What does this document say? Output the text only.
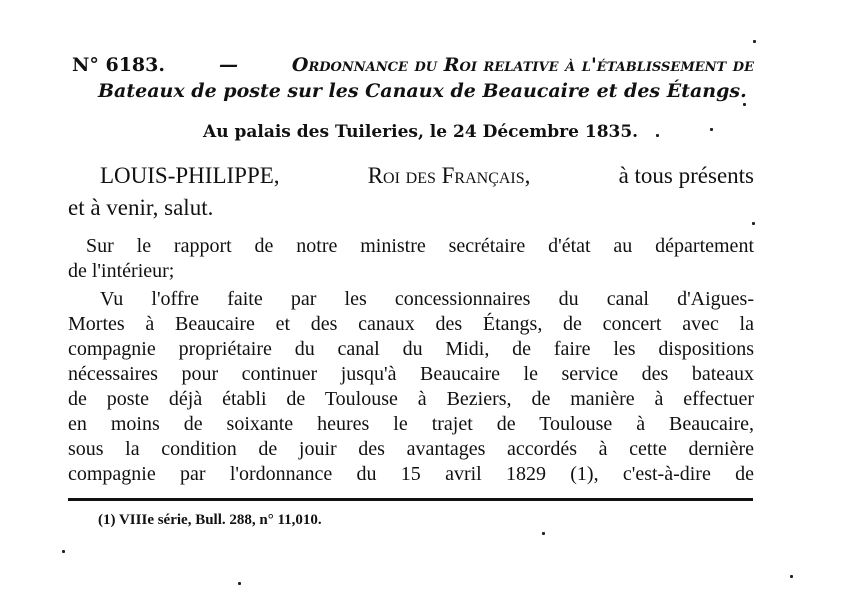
N° 6183.	—	Ordonnance du Roi relative à l'établissement de
Bateaux de poste sur les Canaux de Beaucaire et des Étangs.
Au palais des Tuileries, le 24 Décembre 1835.
LOUIS-PHILIPPE,	Roi des Français,	à tous présents
et à venir, salut.
Sur le rapport de notre ministre secrétaire d'état au département
de l'intérieur;
Vu l'offre faite par les concessionnaires du canal d'Aigues-
Mortes à Beaucaire et des canaux des Étangs, de concert avec la
compagnie propriétaire du canal du Midi, de faire les dispositions
nécessaires pour continuer jusqu'à Beaucaire le service des bateaux
de poste déjà établi de Toulouse à Beziers, de manière à effectuer
en moins de soixante heures le trajet de Toulouse à Beaucaire,
sous la condition de jouir des avantages accordés à cette dernière
compagnie par l'ordonnance du 15 avril 1829 (1), c'est-à-dire de
(1) VIIIe série, Bull. 288, n° 11,010.
